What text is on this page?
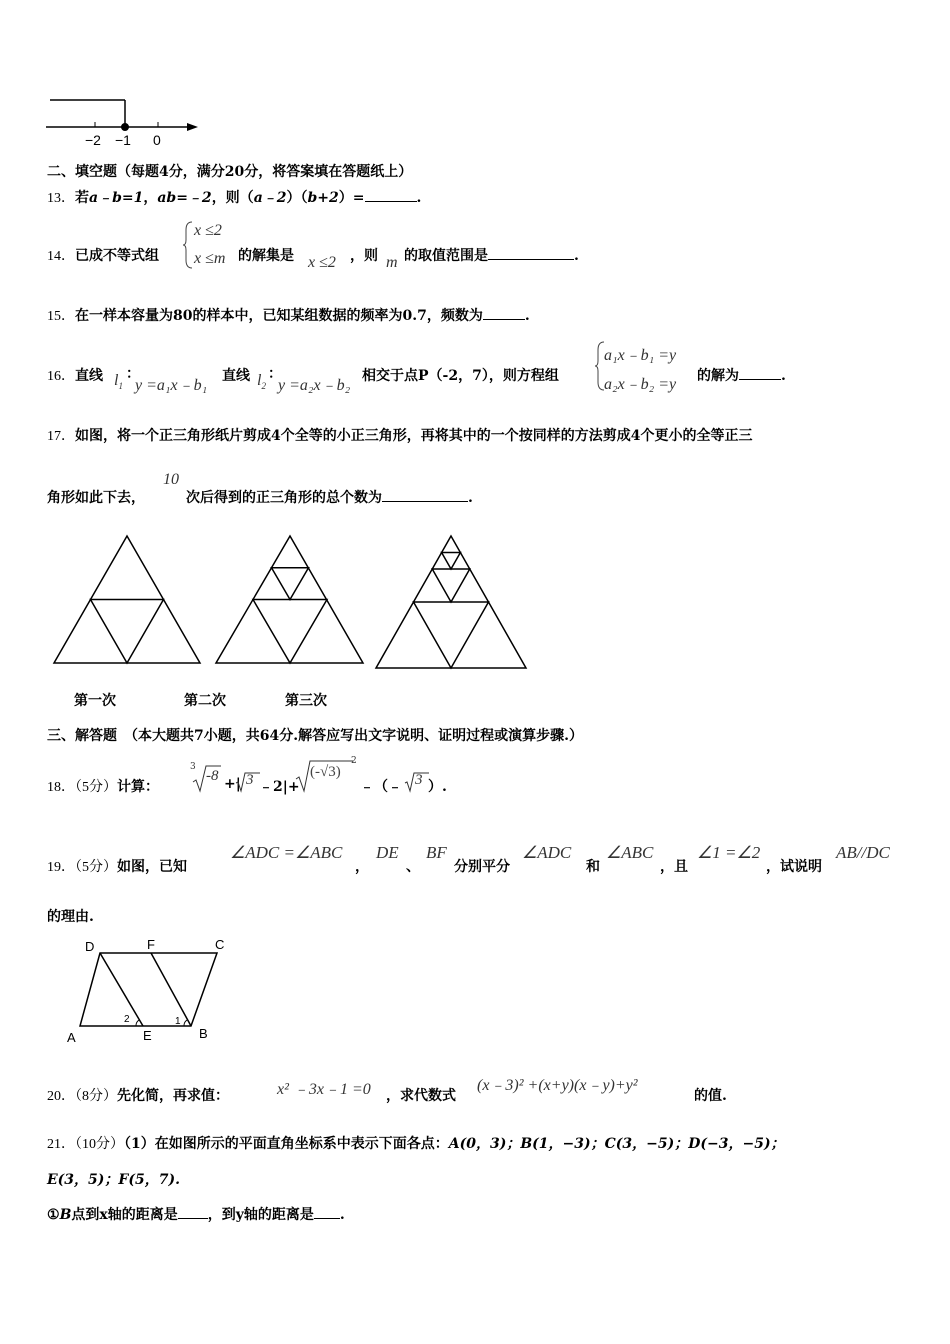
−2 −1 0
二、填空题（每题4分，满分20分，将答案填在答题纸上）
13．若a﹣b=1，ab=﹣2，则（a﹣2）（b+2）=	.
14．已成不等式组
x ≤2
x ≤m 的解集是 x ≤2 ，则 m 的取值范围是	.
15．在一样本容量为80的样本中，已知某组数据的频率为0.7，频数为	.
16．直线 $l_1$
：
y =a₁x﹣b₁
直线 $l_2$
：
y =a₂x﹣b₂
相交于点P（-2，7），则方程组
a₁x﹣b₁ =y
a₂x﹣b₂ =y 的解为	.
17．如图，将一个正三角形纸片剪成4个全等的小正三角形，再将其中的一个按同样的方法剪成4个更小的全等正三
角形如此下去，
10
次后得到的正三角形的总个数为	.
第一次	第二次	第三次
三、解答题　（本大题共7小题，共64分.解答应写出文字说明、证明过程或演算步骤.）
18．（5分）计算：
3
-8 +| 3 ﹣2|+
(-√3)
2
﹣（﹣ 3 ）.
19．（5分）如图，已知
∠ADC =∠ABC
，
DE
、
BF
分别平分
∠ADC
和
∠ABC
，且
∠1 =∠2
，试说明
AB//DC
的理由.
D	F	C
A	E	B
2	1
20．（8分）先化简，再求值：	x² ﹣3x﹣1 =0 ，求代数式
(x﹣3)² +(x+y)(x﹣y)+y²
的值.
21．（10分）（1）在如图所示的平面直角坐标系中表示下面各点：A(0，3)；B(1，−3)；C(3，−5)；D(−3，−5)；
E(3，5)；F(5，7).
①B点到x轴的距离是 ，到y轴的距离是 .
